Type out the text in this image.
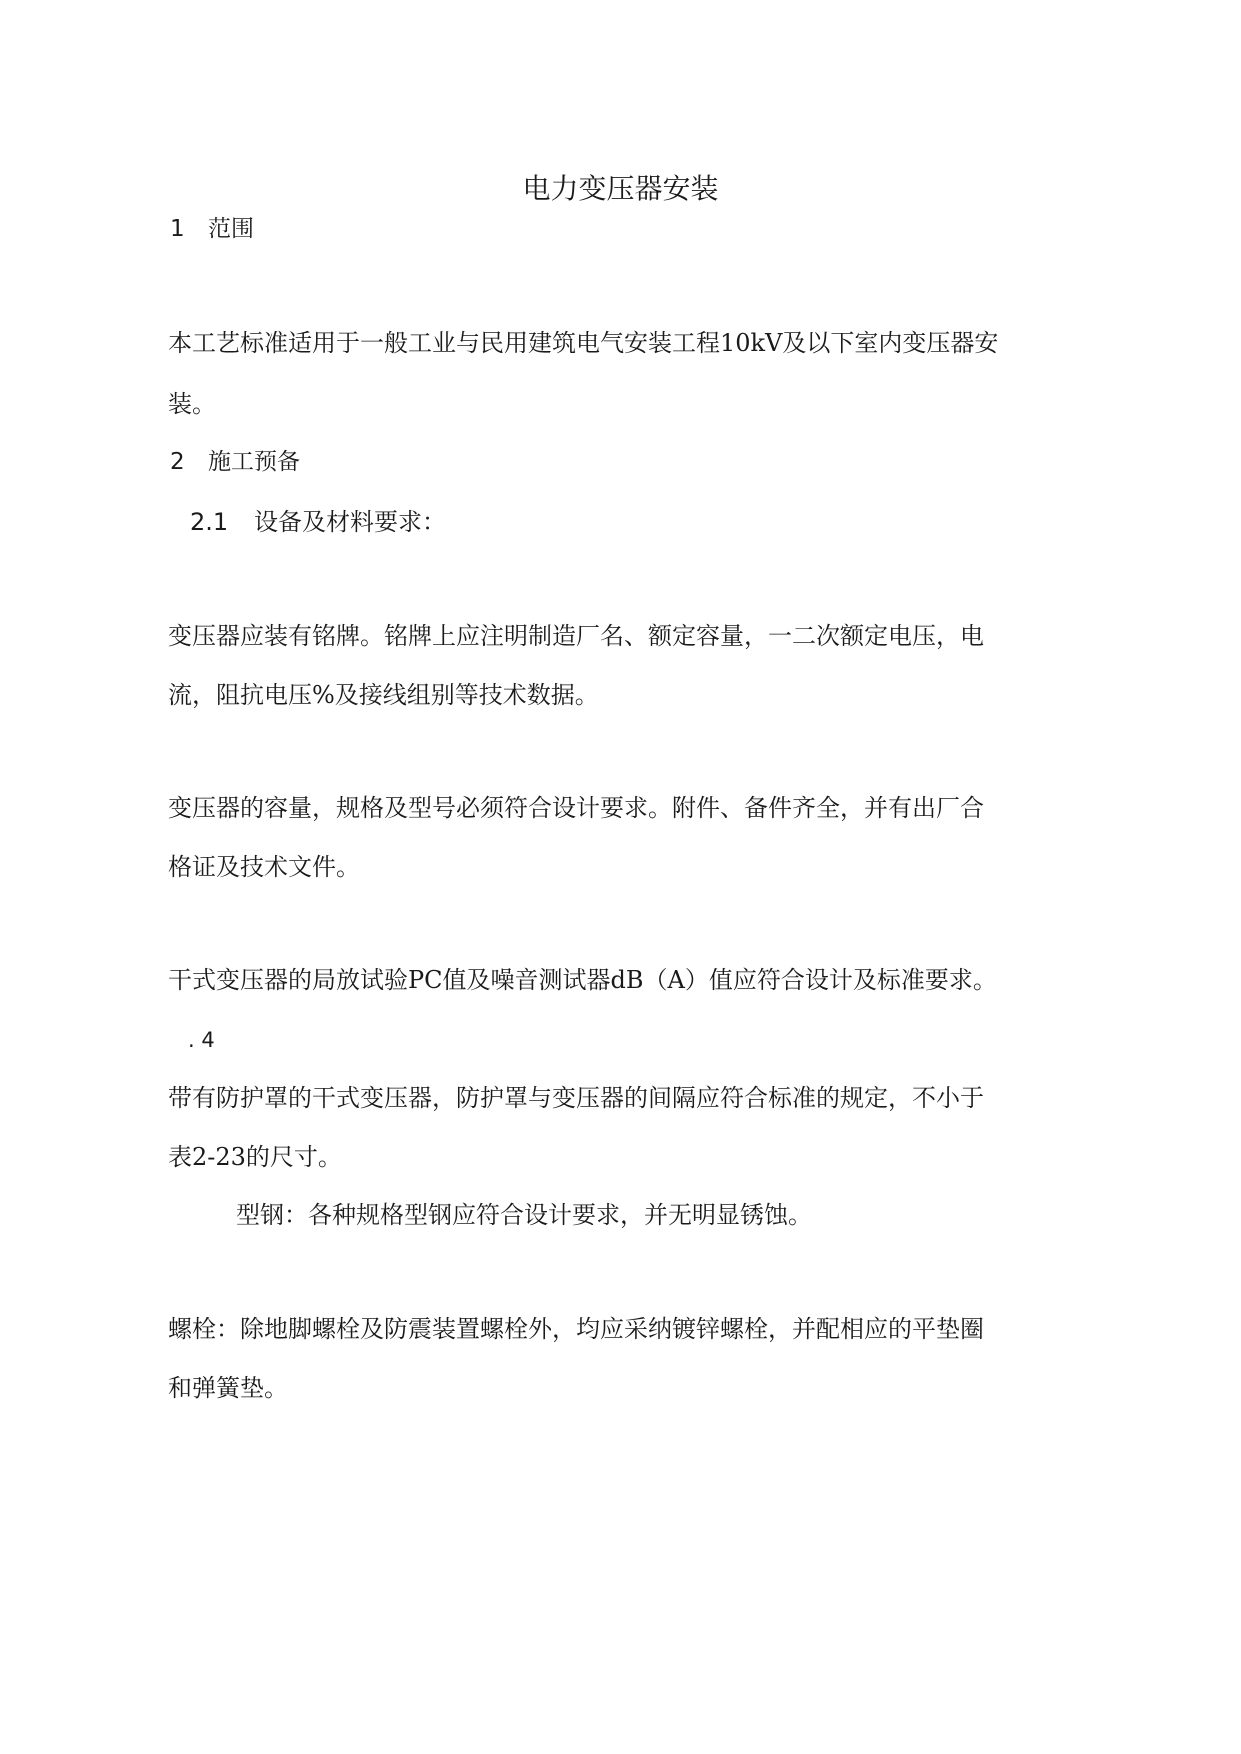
电力变压器安装
1 范围
本工艺标准适用于一般工业与民用建筑电气安装工程10kV及以下室内变压器安
装。
2 施工预备
2.1 设备及材料要求：
变压器应装有铭牌。铭牌上应注明制造厂名、额定容量，一二次额定电压，电
流，阻抗电压%及接线组别等技术数据。
变压器的容量，规格及型号必须符合设计要求。附件、备件齐全，并有出厂合
格证及技术文件。
干式变压器的局放试验PC值及噪音测试器dB（A）值应符合设计及标准要求。
. 4
带有防护罩的干式变压器，防护罩与变压器的间隔应符合标准的规定，不小于
表2-23的尺寸。
型钢：各种规格型钢应符合设计要求，并无明显锈蚀。
螺栓：除地脚螺栓及防震装置螺栓外，均应采纳镀锌螺栓，并配相应的平垫圈
和弹簧垫。
